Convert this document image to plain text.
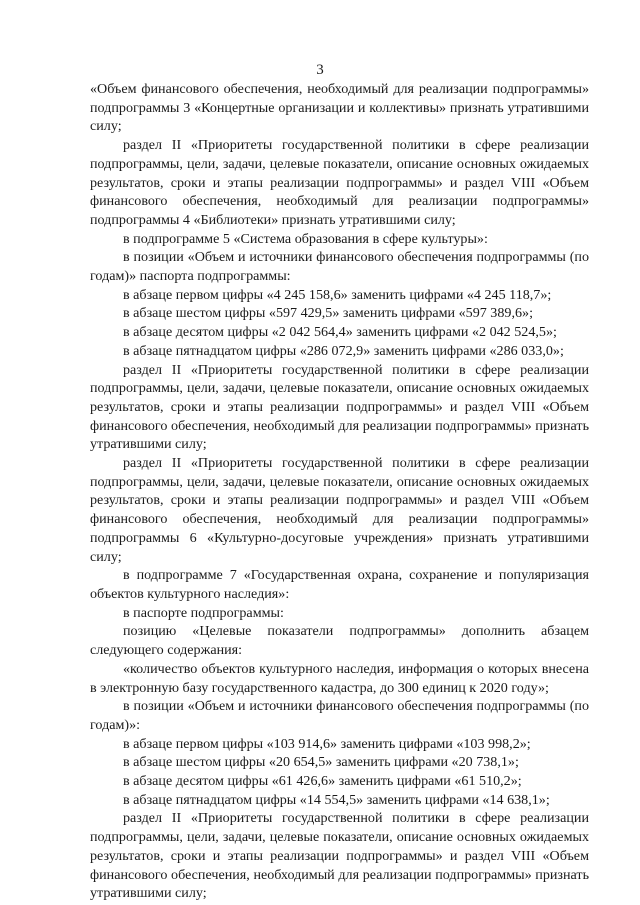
3

«Объем финансового обеспечения, необходимый для реализации подпрограммы» подпрограммы 3 «Концертные организации и коллективы» признать утратившими силу;

раздел II «Приоритеты государственной политики в сфере реализации подпрограммы, цели, задачи, целевые показатели, описание основных ожидаемых результатов, сроки и этапы реализации подпрограммы» и раздел VIII «Объем финансового обеспечения, необходимый для реализации подпрограммы» подпрограммы 4 «Библиотеки» признать утратившими силу;

в подпрограмме 5 «Система образования в сфере культуры»:

в позиции «Объем и источники финансового обеспечения подпрограммы (по годам)» паспорта подпрограммы:

в абзаце первом цифры «4 245 158,6» заменить цифрами «4 245 118,7»;

в абзаце шестом цифры «597 429,5» заменить цифрами «597 389,6»;

в абзаце десятом цифры «2 042 564,4» заменить цифрами «2 042 524,5»;

в абзаце пятнадцатом цифры «286 072,9» заменить цифрами «286 033,0»;

раздел II «Приоритеты государственной политики в сфере реализации подпрограммы, цели, задачи, целевые показатели, описание основных ожидаемых результатов, сроки и этапы реализации подпрограммы» и раздел VIII «Объем финансового обеспечения, необходимый для реализации подпрограммы» признать утратившими силу;

раздел II «Приоритеты государственной политики в сфере реализации подпрограммы, цели, задачи, целевые показатели, описание основных ожидаемых результатов, сроки и этапы реализации подпрограммы» и раздел VIII «Объем финансового обеспечения, необходимый для реализации подпрограммы» подпрограммы 6 «Культурно-досуговые учреждения» признать утратившими силу;

в подпрограмме 7 «Государственная охрана, сохранение и популяризация объектов культурного наследия»:

в паспорте подпрограммы:

позицию «Целевые показатели подпрограммы» дополнить абзацем следующего содержания:

«количество объектов культурного наследия, информация о которых внесена в электронную базу государственного кадастра, до 300 единиц к 2020 году»;

в позиции «Объем и источники финансового обеспечения подпрограммы (по годам)»:

в абзаце первом цифры «103 914,6» заменить цифрами «103 998,2»;

в абзаце шестом цифры «20 654,5» заменить цифрами «20 738,1»;

в абзаце десятом цифры «61 426,6» заменить цифрами «61 510,2»;

в абзаце пятнадцатом цифры «14 554,5» заменить цифрами «14 638,1»;

раздел II «Приоритеты государственной политики в сфере реализации подпрограммы, цели, задачи, целевые показатели, описание основных ожидаемых результатов, сроки и этапы реализации подпрограммы» и раздел VIII «Объем финансового обеспечения, необходимый для реализации подпрограммы» признать утратившими силу;
